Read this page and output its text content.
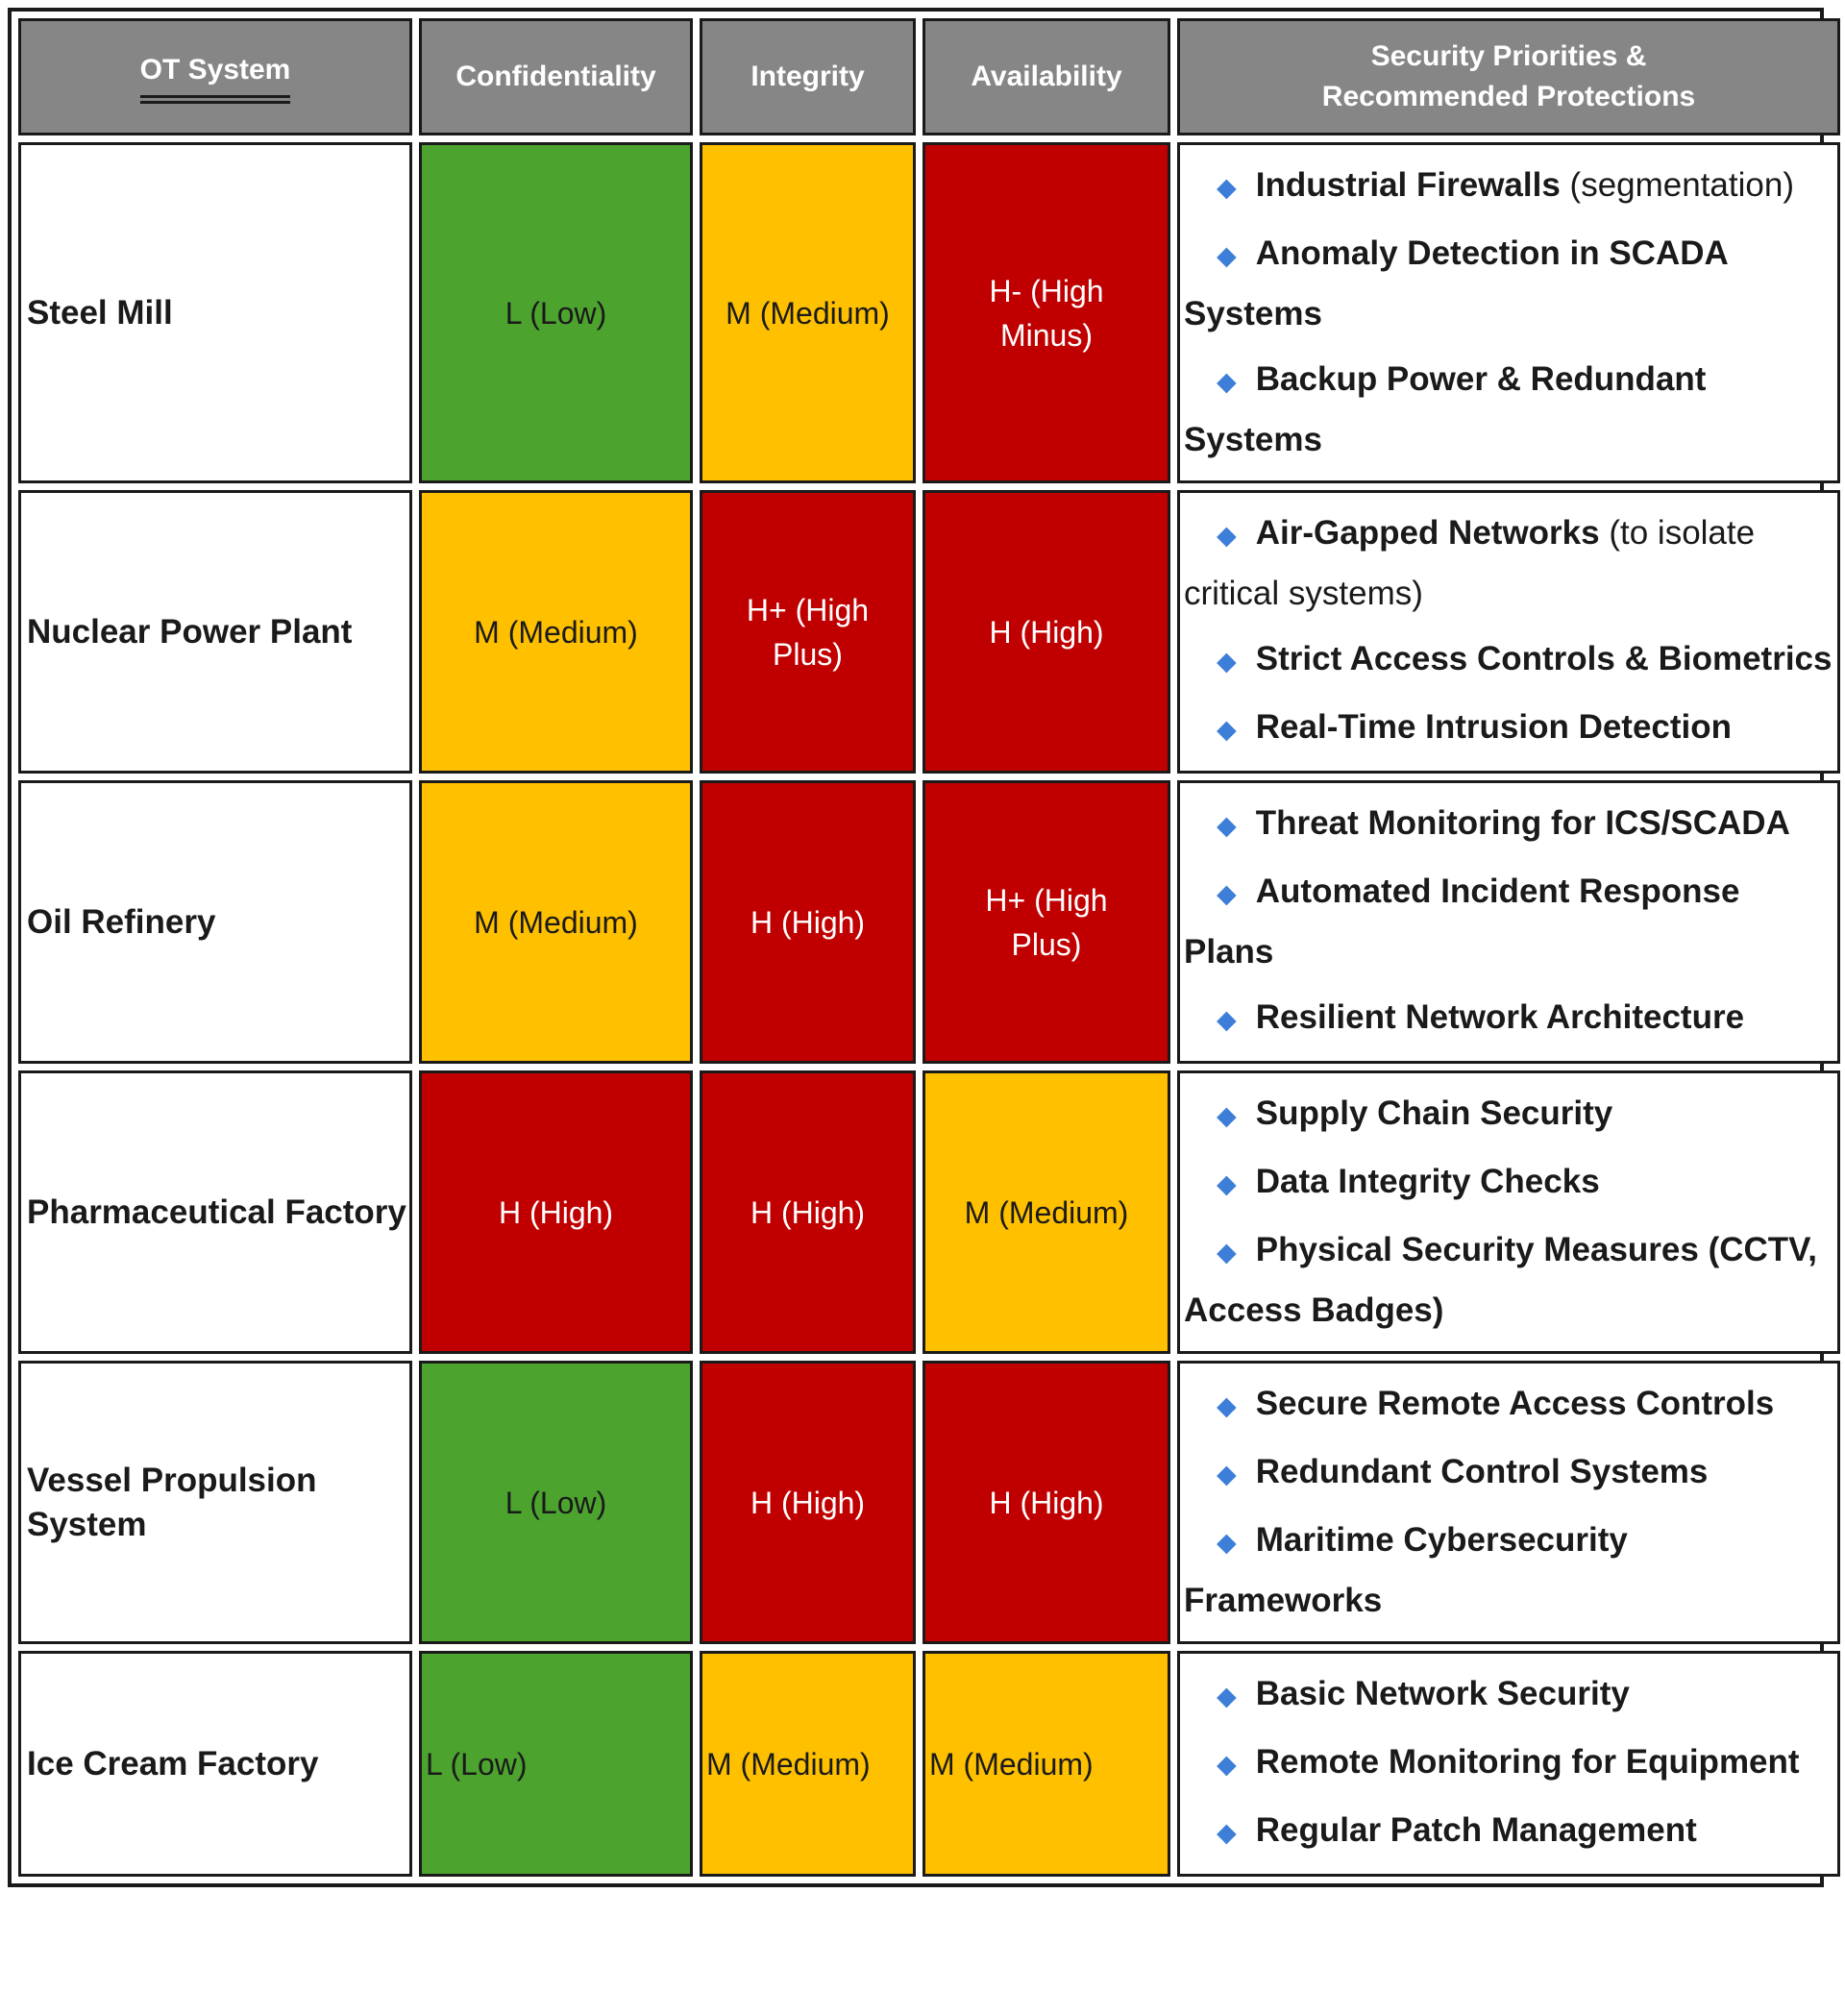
OT System	Confidentiality	Integrity	Availability	Security Priorities & Recommended Protections
Steel Mill	L (Low)	M (Medium)	H- (High Minus)	◆ Industrial Firewalls (segmentation)

◆ Anomaly Detection in SCADA Systems

◆ Backup Power & Redundant Systems

Nuclear Power Plant	M (Medium)	H+ (High Plus)	H (High)	◆ Air-Gapped Networks (to isolate critical systems)

◆ Strict Access Controls & Biometrics

◆ Real-Time Intrusion Detection

Oil Refinery	M (Medium)	H (High)	H+ (High Plus)	◆ Threat Monitoring for ICS/SCADA

◆ Automated Incident Response Plans

◆ Resilient Network Architecture

Pharmaceutical Factory	H (High)	H (High)	M (Medium)	◆ Supply Chain Security

◆ Data Integrity Checks

◆ Physical Security Measures (CCTV, Access Badges)

Vessel Propulsion System	L (Low)	H (High)	H (High)	◆ Secure Remote Access Controls

◆ Redundant Control Systems

◆ Maritime Cybersecurity Frameworks

Ice Cream Factory	L (Low)	M (Medium)	M (Medium)	◆ Basic Network Security

◆ Remote Monitoring for Equipment

◆ Regular Patch Management
